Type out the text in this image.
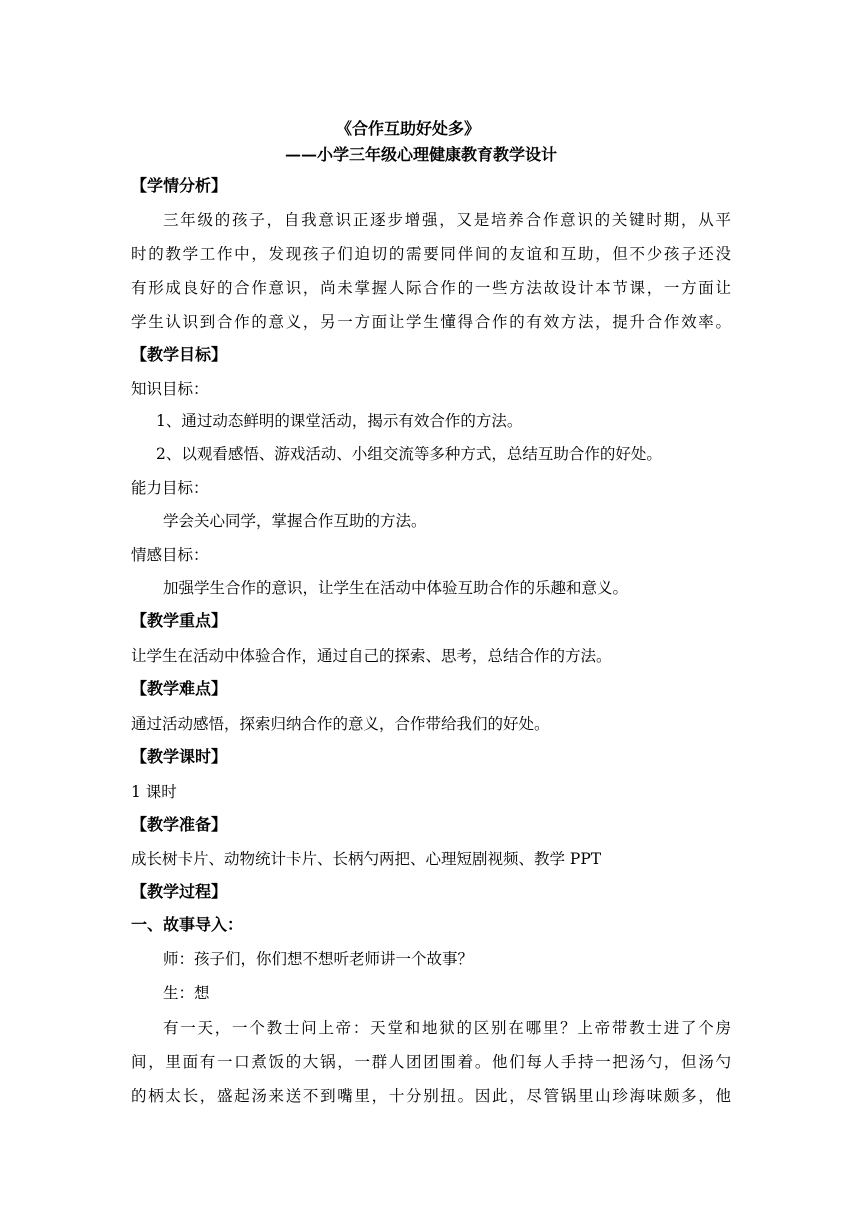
《合作互助好处多》
——小学三年级心理健康教育教学设计
【学情分析】
三年级的孩子，自我意识正逐步增强，又是培养合作意识的关键时期，从平
时的教学工作中，发现孩子们迫切的需要同伴间的友谊和互助，但不少孩子还没
有形成良好的合作意识，尚未掌握人际合作的一些方法故设计本节课，一方面让
学生认识到合作的意义，另一方面让学生懂得合作的有效方法，提升合作效率。
【教学目标】
知识目标：
1、通过动态鲜明的课堂活动，揭示有效合作的方法。
2、以观看感悟、游戏活动、小组交流等多种方式，总结互助合作的好处。
能力目标：
学会关心同学，掌握合作互助的方法。
情感目标：
加强学生合作的意识，让学生在活动中体验互助合作的乐趣和意义。
【教学重点】
让学生在活动中体验合作，通过自己的探索、思考，总结合作的方法。
【教学难点】
通过活动感悟，探索归纳合作的意义，合作带给我们的好处。
【教学课时】
1 课时
【教学准备】
成长树卡片、动物统计卡片、长柄勺两把、心理短剧视频、教学 PPT
【教学过程】
一、故事导入：
师：孩子们，你们想不想听老师讲一个故事？
生：想
有一天，一个教士问上帝：天堂和地狱的区别在哪里？上帝带教士进了个房
间，里面有一口煮饭的大锅，一群人团团围着。他们每人手持一把汤勺，但汤勺
的柄太长，盛起汤来送不到嘴里，十分别扭。因此，尽管锅里山珍海味颇多，他
